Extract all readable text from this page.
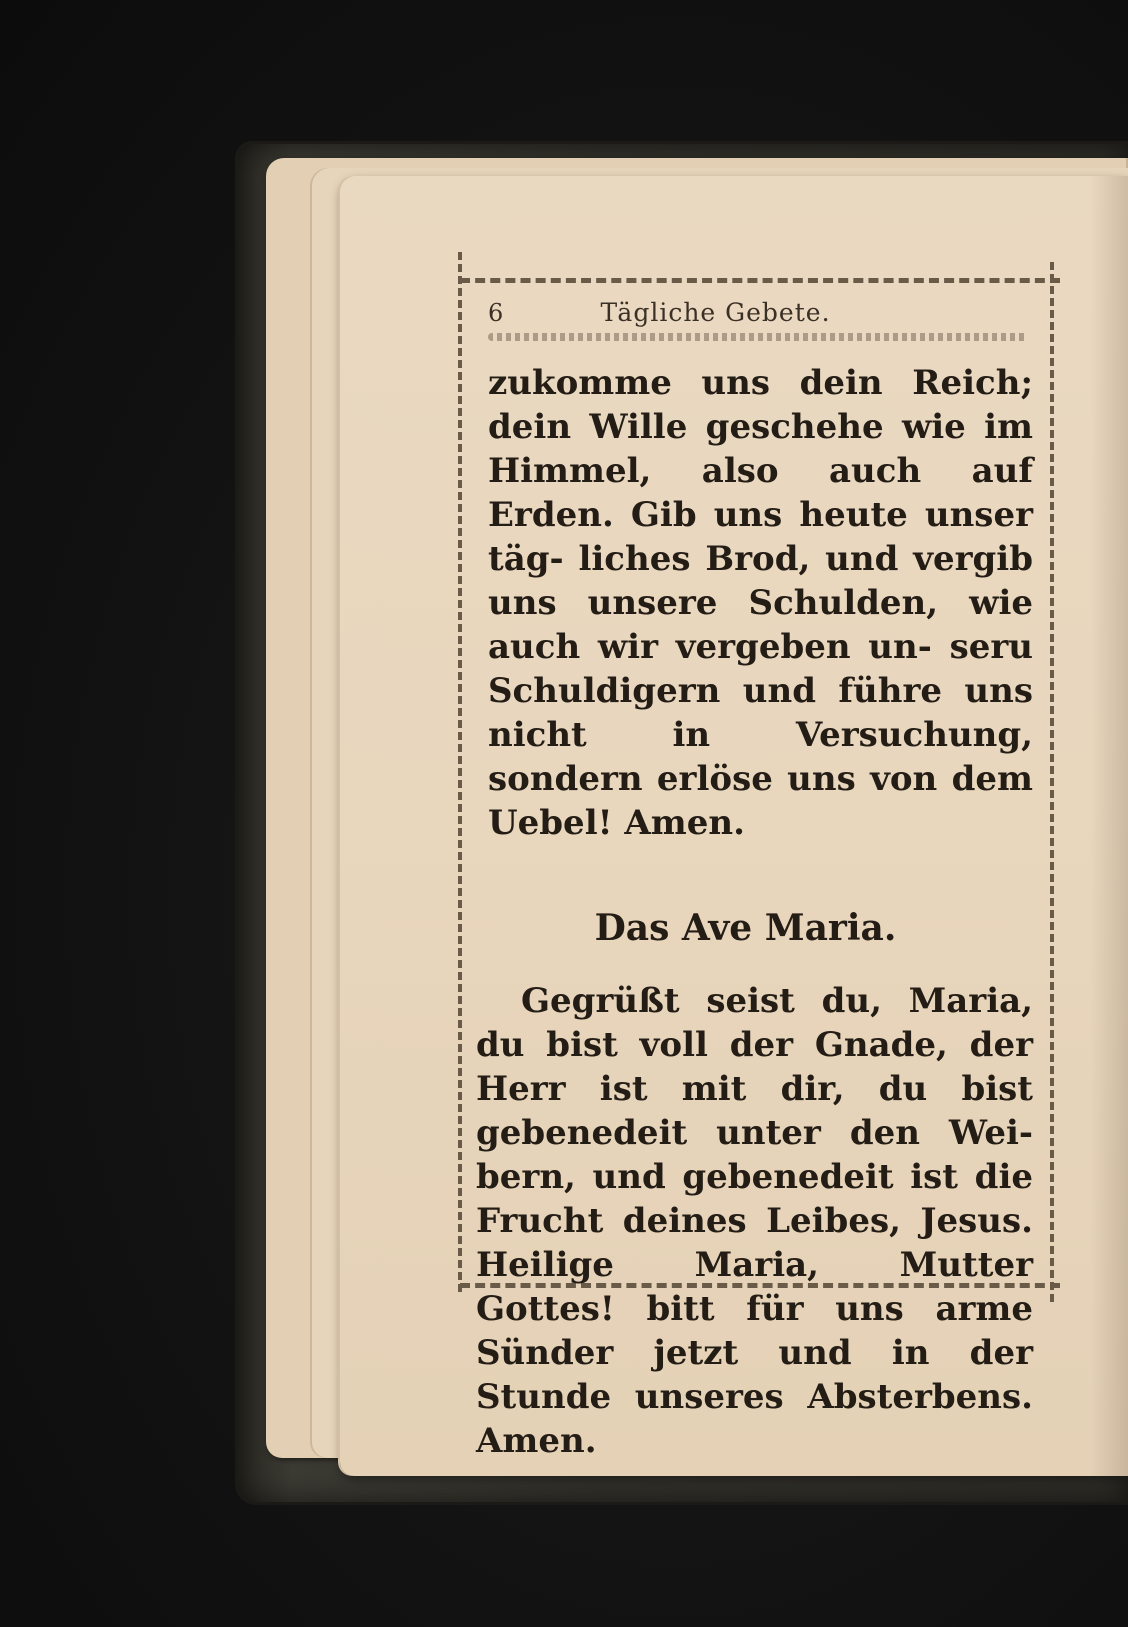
6	Tägliche Gebete.

zukomme uns dein Reich; dein Wille geschehe wie im Himmel, also auch auf Erden. Gib uns heute unser täg- liches Brod, und vergib uns unsere Schulden, wie auch wir vergeben un- seru Schuldigern und führe uns nicht in Versuchung, sondern erlöse uns von dem Uebel! Amen.

Das Ave Maria.

Gegrüßt seist du, Maria, du bist voll der Gnade, der Herr ist mit dir, du bist gebenedeit unter den Wei- bern, und gebenedeit ist die Frucht deines Leibes, Jesus. Heilige Maria, Mutter Gottes! bitt für uns arme Sünder jetzt und in der Stunde unseres Absterbens. Amen.
